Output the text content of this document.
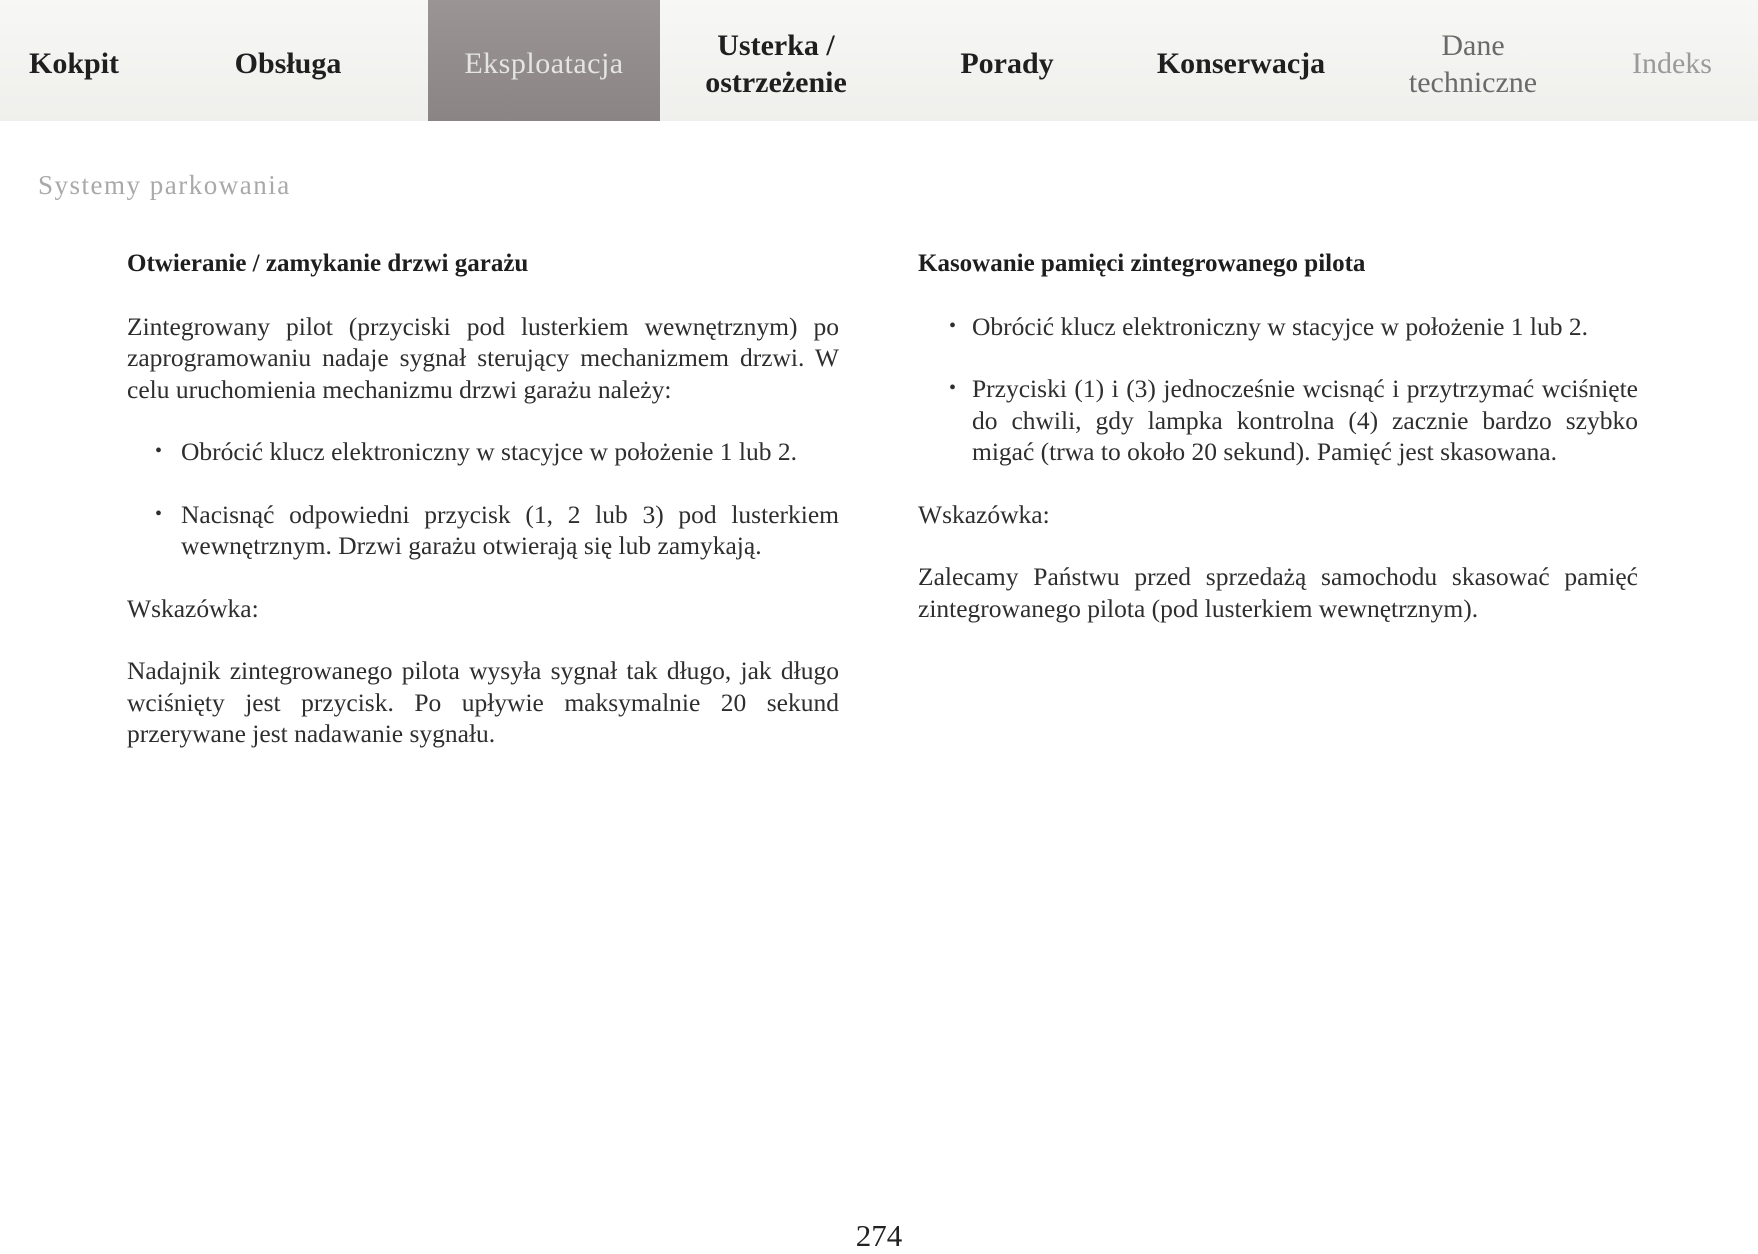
Kokpit	Obsługa	Eksploatacja
Usterka /
ostrzeżenie
Porady	Konserwacja
Dane
techniczne
Indeks
Systemy parkowania
Otwieranie / zamykanie drzwi garażu
Zintegrowany pilot (przyciski pod lusterkiem wewnętrznym) po zaprogramowaniu nadaje sygnał sterujący mechanizmem drzwi. W celu uruchomienia mechanizmu drzwi garażu należy:
• Obrócić klucz elektroniczny w stacyjce w położenie 1 lub 2.
• Nacisnąć odpowiedni przycisk (1, 2 lub 3) pod lusterkiem wewnętrznym. Drzwi garażu otwierają się lub zamykają.
Wskazówka:
Nadajnik zintegrowanego pilota wysyła sygnał tak długo, jak długo wciśnięty jest przycisk. Po upływie maksymalnie 20 sekund przerywane jest nadawanie sygnału.
Kasowanie pamięci zintegrowanego pilota
• Obrócić klucz elektroniczny w stacyjce w położenie 1 lub 2.
• Przyciski (1) i (3) jednocześnie wcisnąć i przytrzymać wciśnięte do chwili, gdy lampka kontrolna (4) zacznie bardzo szybko migać (trwa to około 20 sekund). Pamięć jest skasowana.
Wskazówka:
Zalecamy Państwu przed sprzedażą samochodu skasować pamięć zintegrowanego pilota (pod lusterkiem wewnętrznym).
274
